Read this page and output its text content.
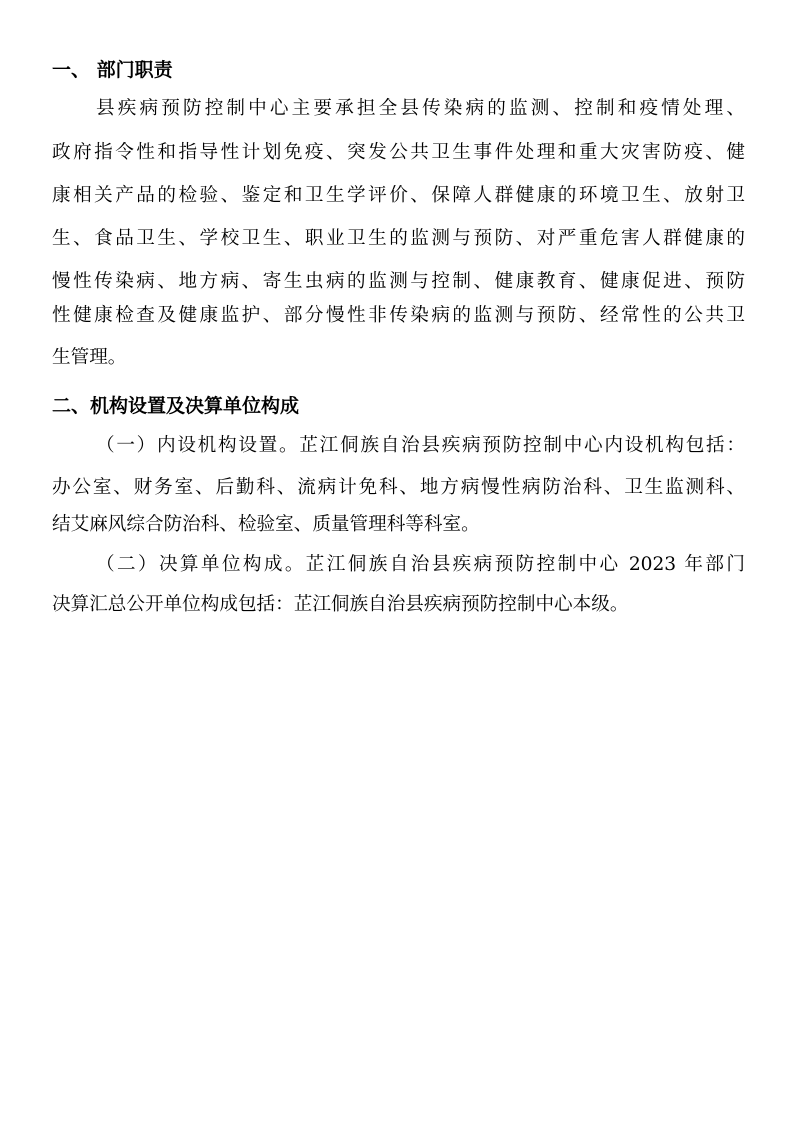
一、 部门职责
县疾病预防控制中心主要承担全县传染病的监测、控制和疫情处理、
政府指令性和指导性计划免疫、突发公共卫生事件处理和重大灾害防疫、健
康相关产品的检验、鉴定和卫生学评价、保障人群健康的环境卫生、放射卫
生、食品卫生、学校卫生、职业卫生的监测与预防、对严重危害人群健康的
慢性传染病、地方病、寄生虫病的监测与控制、健康教育、健康促进、预防
性健康检查及健康监护、部分慢性非传染病的监测与预防、经常性的公共卫
生管理。
二、机构设置及决算单位构成
（一）内设机构设置。芷江侗族自治县疾病预防控制中心内设机构包括：
办公室、财务室、后勤科、流病计免科、地方病慢性病防治科、卫生监测科、
结艾麻风综合防治科、检验室、质量管理科等科室。
（二）决算单位构成。芷江侗族自治县疾病预防控制中心 2023 年部门
决算汇总公开单位构成包括：芷江侗族自治县疾病预防控制中心本级。
